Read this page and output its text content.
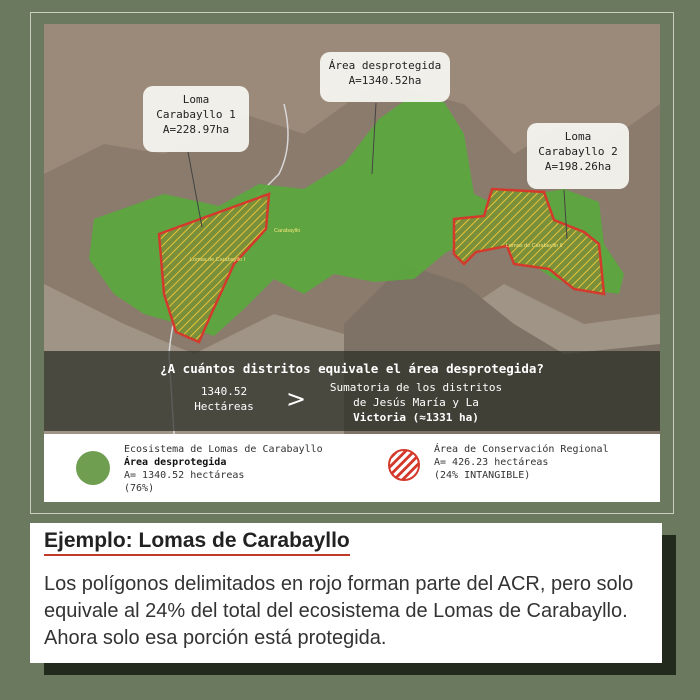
Carabayllo
Lomas de Carabayllo I
Lomas de Carabayllo II
Loma
Carabayllo 1
A=228.97ha
Área desprotegida
A=1340.52ha
Loma
Carabayllo 2
A=198.26ha
¿A cuántos distritos equivale el área desprotegida?
1340.52
Hectáreas	>	Sumatoria de los distritos
de Jesús María y La
Victoria (≈1331 ha)
Ecosistema de Lomas de Carabayllo
Área desprotegida
A= 1340.52 hectáreas
(76%)
Área de Conservación Regional
A= 426.23 hectáreas
(24% INTANGIBLE)
Ejemplo: Lomas de Carabayllo
Los polígonos delimitados en rojo forman parte del ACR, pero solo equivale al 24% del total del ecosistema de Lomas de Carabayllo. Ahora solo esa porción está protegida.
